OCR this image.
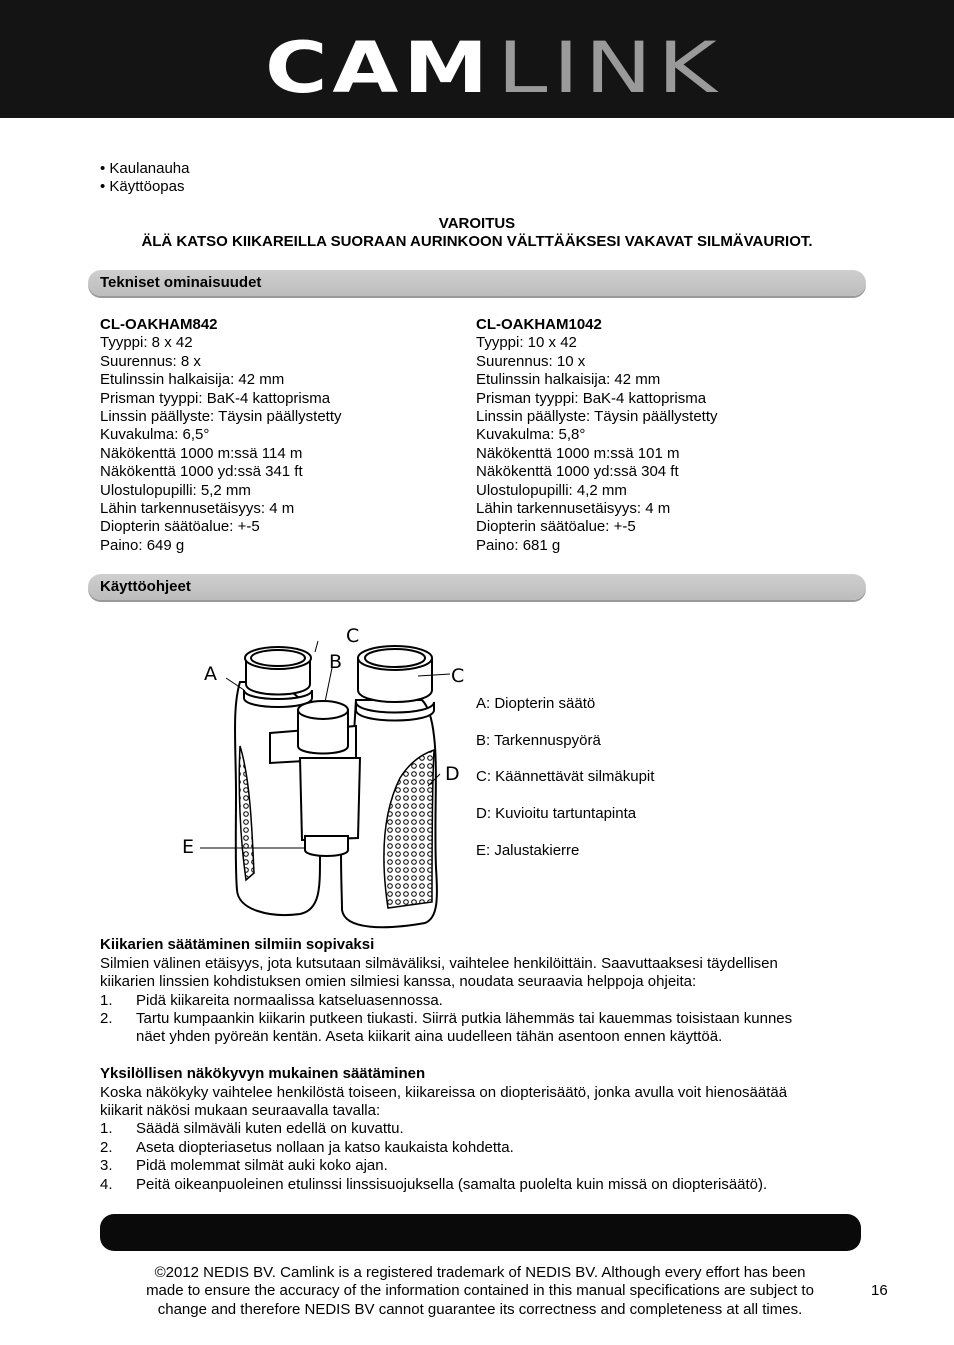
CAM LINK
• Kaulanauha
• Käyttöopas
VAROITUS
ÄLÄ KATSO KIIKAREILLA SUORAAN AURINKOON VÄLTTÄÄKSESI VAKAVAT SILMÄVAURIOT.
Tekniset ominaisuudet
CL-OAKHAM842
Tyyppi: 8 x 42
Suurennus: 8 x
Etulinssin halkaisija: 42 mm
Prisman tyyppi: BaK-4 kattoprisma
Linssin päällyste: Täysin päällystetty
Kuvakulma: 6,5°
Näkökenttä 1000 m:ssä 114 m
Näkökenttä 1000 yd:ssä 341 ft
Ulostulopupilli: 5,2 mm
Lähin tarkennusetäisyys: 4 m
Diopterin säätöalue: +-5
Paino: 649 g
CL-OAKHAM1042
Tyyppi: 10 x 42
Suurennus: 10 x
Etulinssin halkaisija: 42 mm
Prisman tyyppi: BaK-4 kattoprisma
Linssin päällyste: Täysin päällystetty
Kuvakulma: 5,8°
Näkökenttä 1000 m:ssä 101 m
Näkökenttä 1000 yd:ssä 304 ft
Ulostulopupilli: 4,2 mm
Lähin tarkennusetäisyys: 4 m
Diopterin säätöalue: +-5
Paino: 681 g
Käyttöohjeet
C
B
A	C
D
E
A: Diopterin säätö
B: Tarkennuspyörä
C: Käännettävät silmäkupit
D: Kuvioitu tartuntapinta
E: Jalustakierre
Kiikarien säätäminen silmiin sopivaksi
Silmien välinen etäisyys, jota kutsutaan silmäväliksi, vaihtelee henkilöittäin. Saavuttaaksesi täydellisen
kiikarien linssien kohdistuksen omien silmiesi kanssa, noudata seuraavia helppoja ohjeita:
1. Pidä kiikareita normaalissa katseluasennossa.
2. Tartu kumpaankin kiikarin putkeen tiukasti. Siirrä putkia lähemmäs tai kauemmas toisistaan kunnes
näet yhden pyöreän kentän. Aseta kiikarit aina uudelleen tähän asentoon ennen käyttöä.
Yksilöllisen näkökyvyn mukainen säätäminen
Koska näkökyky vaihtelee henkilöstä toiseen, kiikareissa on diopterisäätö, jonka avulla voit hienosäätää
kiikarit näkösi mukaan seuraavalla tavalla:
1. Säädä silmäväli kuten edellä on kuvattu.
2. Aseta diopteriasetus nollaan ja katso kaukaista kohdetta.
3. Pidä molemmat silmät auki koko ajan.
4. Peitä oikeanpuoleinen etulinssi linssisuojuksella (samalta puolelta kuin missä on diopterisäätö).
©2012 NEDIS BV. Camlink is a registered trademark of NEDIS BV. Although every effort has been
made to ensure the accuracy of the information contained in this manual specifications are subject to
change and therefore NEDIS BV cannot guarantee its correctness and completeness at all times.
16
